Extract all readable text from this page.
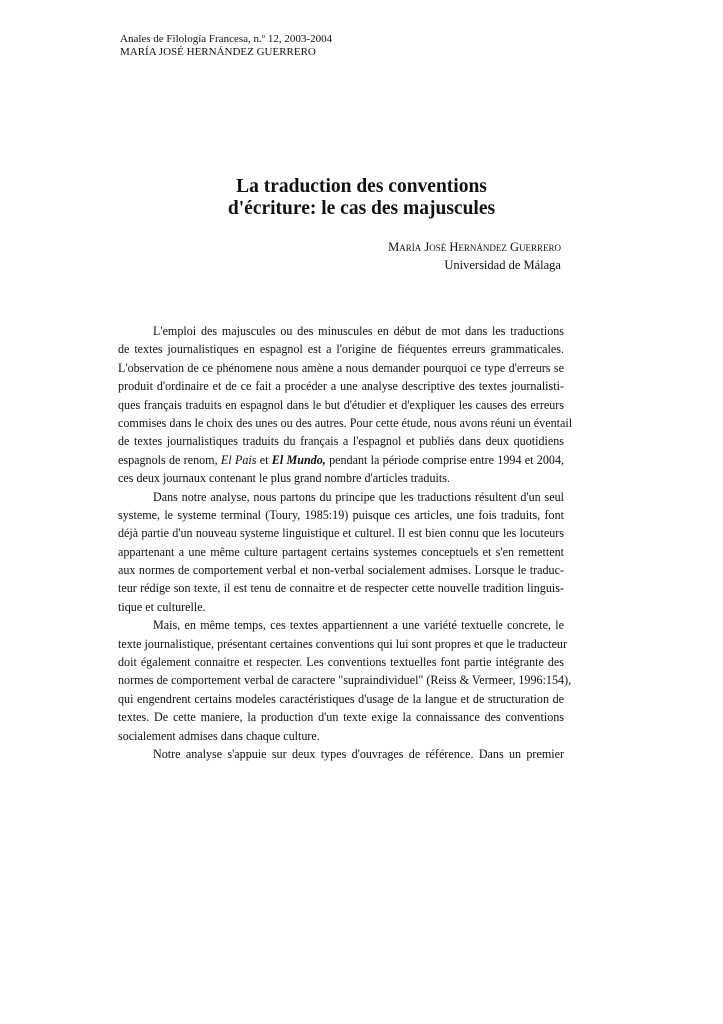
Anales de Filología Francesa, n.º 12, 2003-2004
MARÍA JOSÉ HERNÁNDEZ GUERRERO
La traduction des conventions
d'écriture: le cas des majuscules
María José Hernández Guerrero
Universidad de Málaga
L'emploi des majuscules ou des minuscules en début de mot dans les traductions
de textes journalistiques en espagnol est a l'origine de fiéquentes erreurs grammaticales.
L'observation de ce phénomene nous amène a nous demander pourquoi ce type d'erreurs se
produit d'ordinaire et de ce fait a procéder a une analyse descriptive des textes journalisti-
ques français traduits en espagnol dans le but d'étudier et d'expliquer les causes des erreurs
commises dans le choix des unes ou des autres. Pour cette étude, nous avons réuni un éventail
de textes journalistiques traduits du français a l'espagnol et publiés dans deux quotidiens
espagnols de renom, El Pais et El Mundo, pendant la période comprise entre 1994 et 2004,
ces deux journaux contenant le plus grand nombre d'articles traduits.
Dans notre analyse, nous partons du principe que les traductions résultent d'un seul
systeme, le systeme terminal (Toury, 1985:19) puisque ces articles, une fois traduits, font
déjà partie d'un nouveau systeme linguistique et culturel. Il est bien connu que les locuteurs
appartenant a une même culture partagent certains systemes conceptuels et s'en remettent
aux normes de comportement verbal et non-verbal socialement admises. Lorsque le traduc-
teur rédige son texte, il est tenu de connaitre et de respecter cette nouvelle tradition linguis-
tique et culturelle.
Mais, en même temps, ces textes appartiennent a une variété textuelle concrete, le
texte journalistique, présentant certaines conventions qui lui sont propres et que le traducteur
doit également connaitre et respecter. Les conventions textuelles font partie intégrante des
normes de comportement verbal de caractere "supraindividuel" (Reiss & Vermeer, 1996:154),
qui engendrent certains modeles caractéristiques d'usage de la langue et de structuration de
textes. De cette maniere, la production d'un texte exige la connaissance des conventions
socialement admises dans chaque culture.
Notre analyse s'appuie sur deux types d'ouvrages de référence. Dans un premier
